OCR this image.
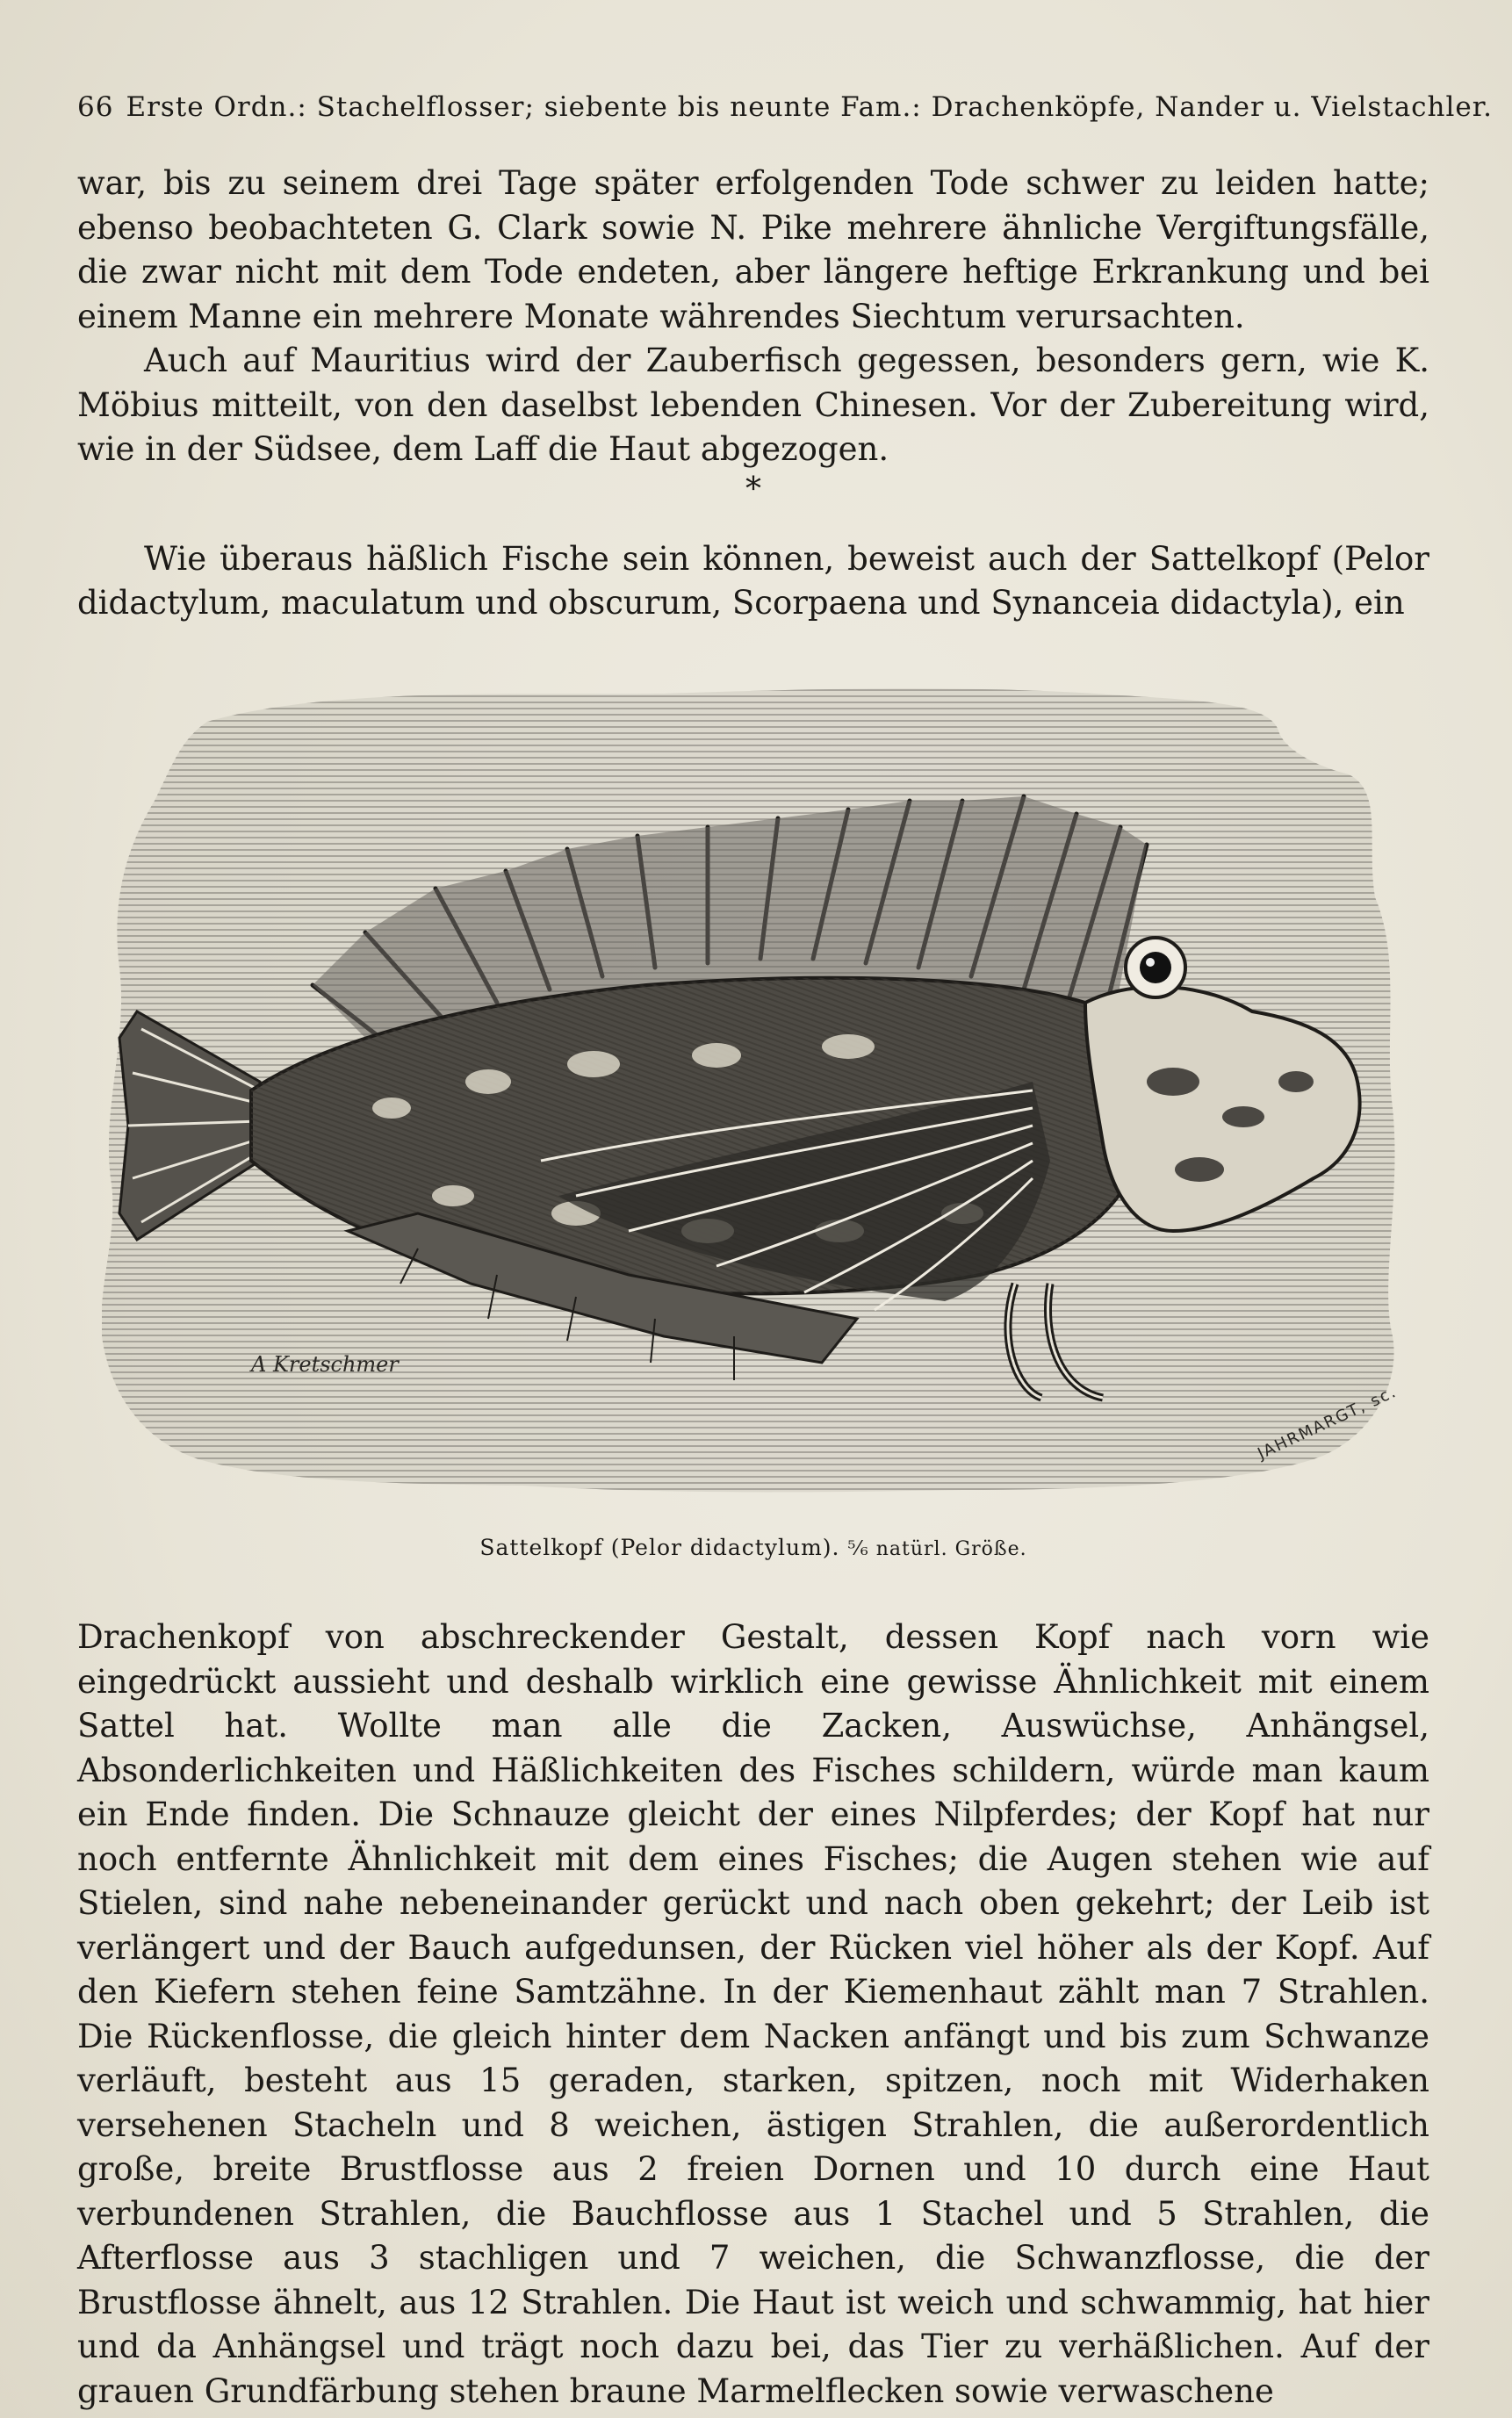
66 Erste Ordn.: Stachelflosser; siebente bis neunte Fam.: Drachenköpfe, Nander u. Vielstachler.

war, bis zu seinem drei Tage später erfolgenden Tode schwer zu leiden hatte; ebenso beobachteten G. Clark sowie N. Pike mehrere ähnliche Vergiftungsfälle, die zwar nicht mit dem Tode endeten, aber längere heftige Erkrankung und bei einem Manne ein mehrere Monate währendes Siechtum verursachten.

Auch auf Mauritius wird der Zauberfisch gegessen, besonders gern, wie K. Möbius mitteilt, von den daselbst lebenden Chinesen. Vor der Zubereitung wird, wie in der Südsee, dem Laff die Haut abgezogen.

*

Wie überaus häßlich Fische sein können, beweist auch der Sattelkopf (Pelor didactylum, maculatum und obscurum, Scorpaena und Synanceia didactyla), ein

A Kretschmer
JAHRMARGT, sc.
Sattelkopf (Pelor didactylum). ⁵⁄₆ natürl. Größe.

Drachenkopf von abschreckender Gestalt, dessen Kopf nach vorn wie eingedrückt aussieht und deshalb wirklich eine gewisse Ähnlichkeit mit einem Sattel hat. Wollte man alle die Zacken, Auswüchse, Anhängsel, Absonderlichkeiten und Häßlichkeiten des Fisches schildern, würde man kaum ein Ende finden. Die Schnauze gleicht der eines Nilpferdes; der Kopf hat nur noch entfernte Ähnlichkeit mit dem eines Fisches; die Augen stehen wie auf Stielen, sind nahe nebeneinander gerückt und nach oben gekehrt; der Leib ist verlängert und der Bauch aufgedunsen, der Rücken viel höher als der Kopf. Auf den Kiefern stehen feine Samtzähne. In der Kiemenhaut zählt man 7 Strahlen. Die Rückenflosse, die gleich hinter dem Nacken anfängt und bis zum Schwanze verläuft, besteht aus 15 geraden, starken, spitzen, noch mit Widerhaken versehenen Stacheln und 8 weichen, ästigen Strahlen, die außerordentlich große, breite Brustflosse aus 2 freien Dornen und 10 durch eine Haut verbundenen Strahlen, die Bauchflosse aus 1 Stachel und 5 Strahlen, die Afterflosse aus 3 stachligen und 7 weichen, die Schwanzflosse, die der Brustflosse ähnelt, aus 12 Strahlen. Die Haut ist weich und schwammig, hat hier und da Anhängsel und trägt noch dazu bei, das Tier zu verhäßlichen. Auf der grauen Grundfärbung stehen braune Marmelflecken sowie verwaschene
